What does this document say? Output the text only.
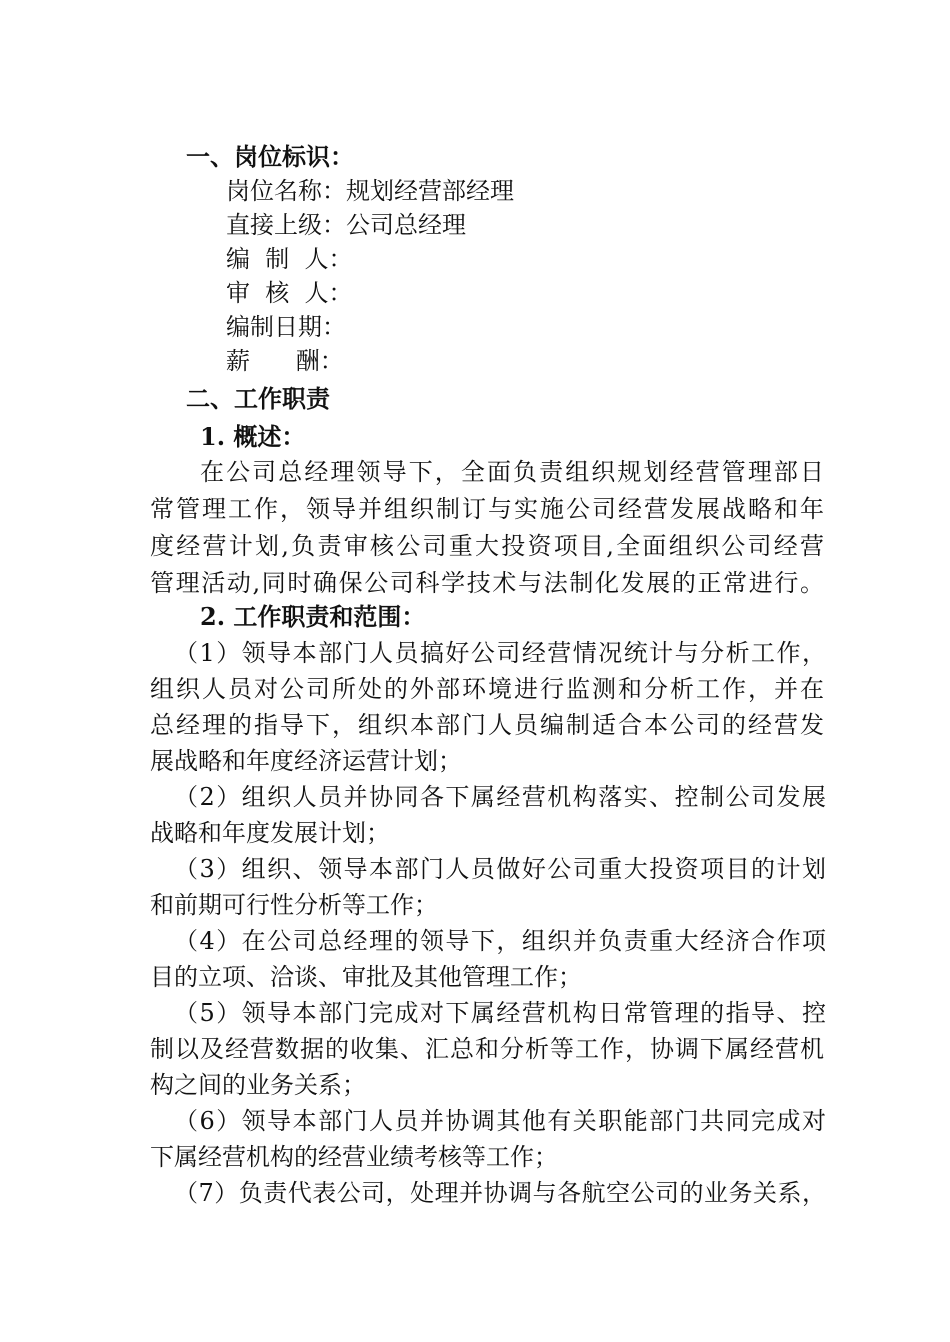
一、岗位标识：
岗位名称：规划经营部经理
直接上级：公司总经理
编  制  人：
审  核  人：
编制日期：
薪      酬：
二、工作职责
1. 概述：
在公司总经理领导下，全面负责组织规划经营管理部日
常管理工作，领导并组织制订与实施公司经营发展战略和年
度经营计划,负责审核公司重大投资项目,全面组织公司经营
管理活动,同时确保公司科学技术与法制化发展的正常进行。
2. 工作职责和范围：
（1）领导本部门人员搞好公司经营情况统计与分析工作，
组织人员对公司所处的外部环境进行监测和分析工作，并在
总经理的指导下，组织本部门人员编制适合本公司的经营发
展战略和年度经济运营计划；
（2）组织人员并协同各下属经营机构落实、控制公司发展
战略和年度发展计划；
（3）组织、领导本部门人员做好公司重大投资项目的计划
和前期可行性分析等工作；
（4）在公司总经理的领导下，组织并负责重大经济合作项
目的立项、洽谈、审批及其他管理工作；
（5）领导本部门完成对下属经营机构日常管理的指导、控
制以及经营数据的收集、汇总和分析等工作，协调下属经营机
构之间的业务关系；
（6）领导本部门人员并协调其他有关职能部门共同完成对
下属经营机构的经营业绩考核等工作；
（7）负责代表公司，处理并协调与各航空公司的业务关系，
